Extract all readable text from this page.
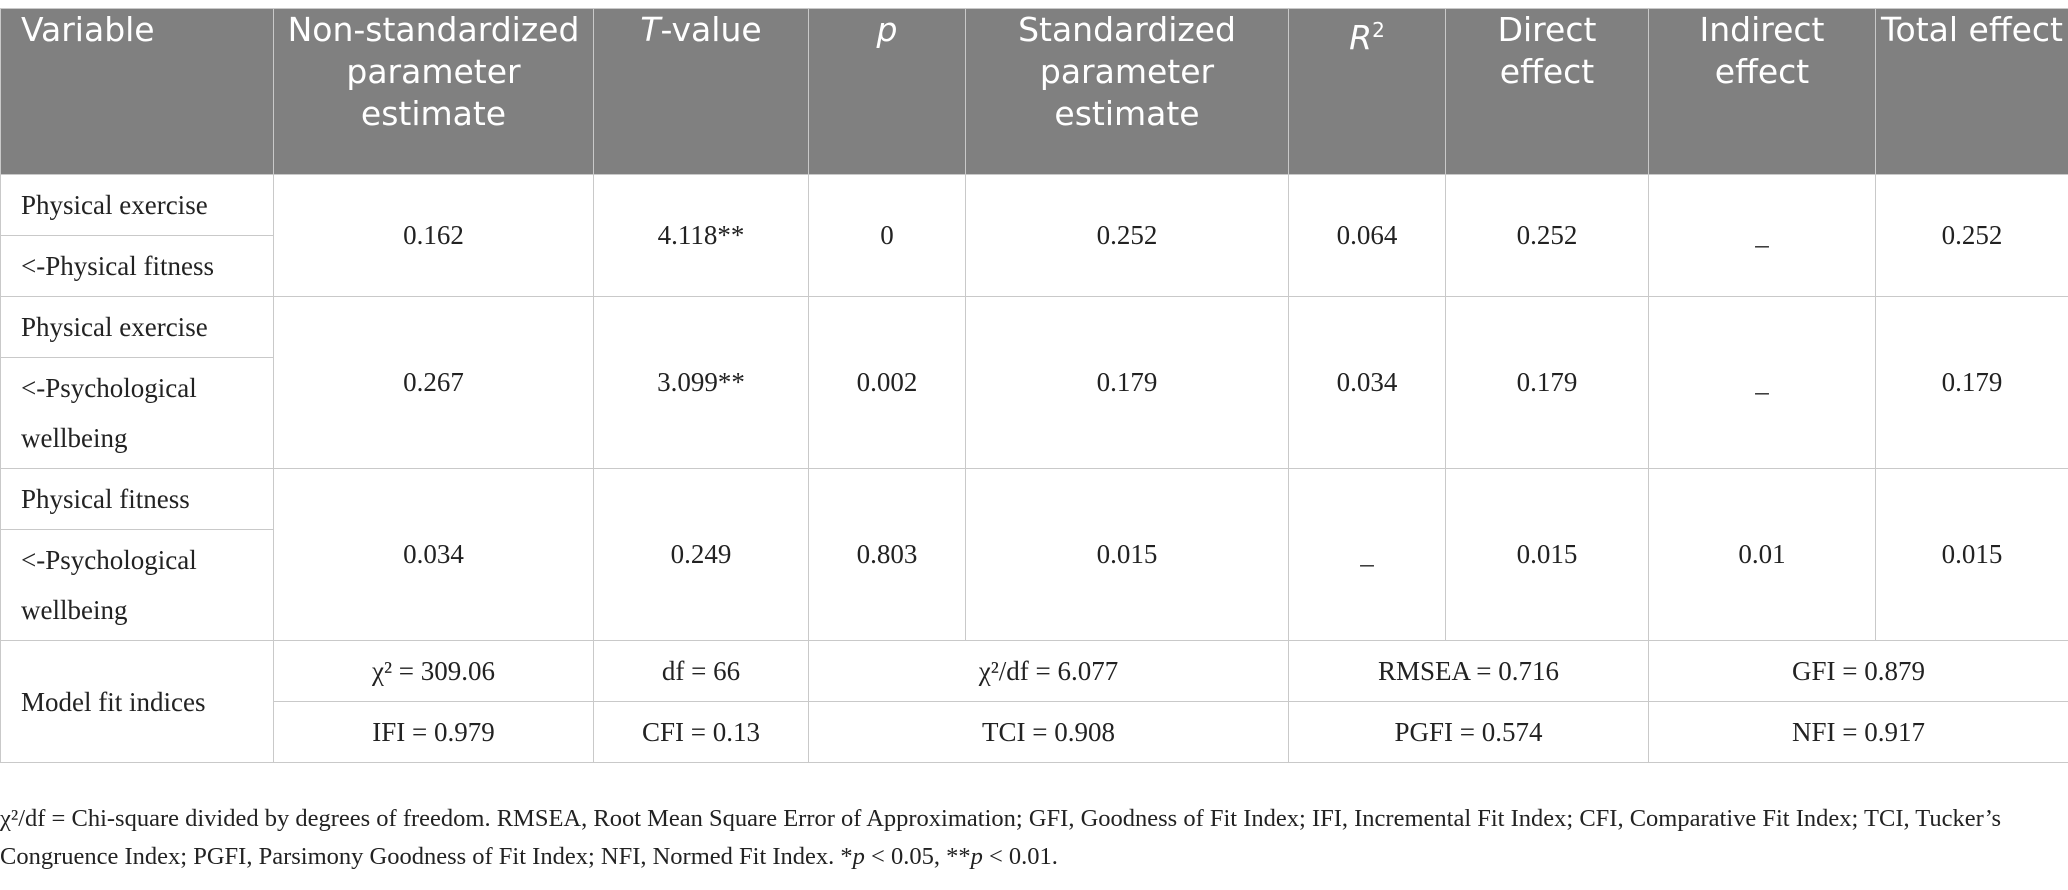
Variable	Non-standardized parameter estimate	T-value	p	Standardized parameter estimate	$R^2$	Direct effect	Indirect effect	Total effect
Physical exercise	0.162	4.118**	0	0.252	0.064	0.252	_	0.252
<-Physical fitness								
Physical exercise	0.267	3.099**	0.002	0.179	0.034	0.179	_	0.179
<-Psychological wellbeing								
Physical fitness	0.034	0.249	0.803	0.015	_	0.015	0.01	0.015
<-Psychological wellbeing								
Model fit indices	χ² = 309.06	df = 66	χ²/df = 6.077		RMSEA = 0.716		GFI = 0.879	
	IFI = 0.979	CFI = 0.13	TCI = 0.908		PGFI = 0.574		NFI = 0.917	
χ²/df = Chi-square divided by degrees of freedom. RMSEA, Root Mean Square Error of Approximation; GFI, Goodness of Fit Index; IFI, Incremental Fit Index; CFI, Comparative Fit Index; TCI, Tucker’s Congruence Index; PGFI, Parsimony Goodness of Fit Index; NFI, Normed Fit Index. *p < 0.05, **p < 0.01.
